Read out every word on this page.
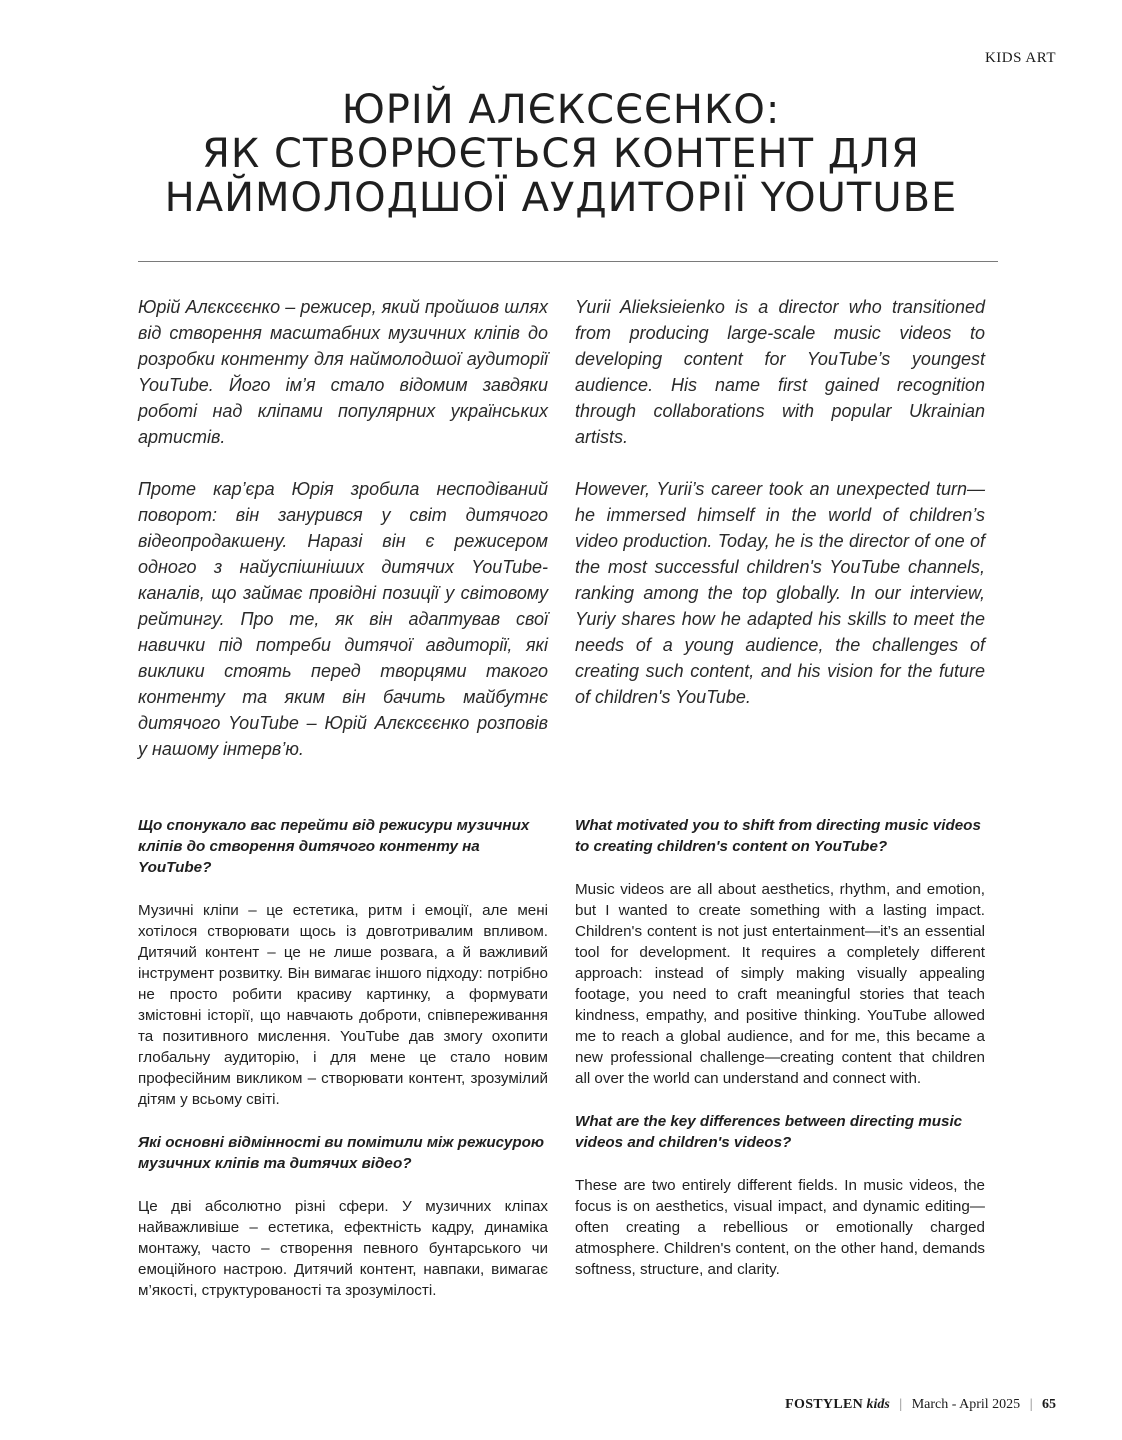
KIDS ART
ЮРІЙ АЛЄКСЄЄНКО:
ЯК СТВОРЮЄТЬСЯ КОНТЕНТ ДЛЯ
НАЙМОЛОДШОЇ АУДИТОРІЇ YOUTUBE

Юрій Алєксєєнко – режисер, який пройшов шлях від створення масштабних музичних кліпів до розробки контенту для наймолодшої аудиторії YouTube. Його ім’я стало відомим завдяки роботі над кліпами популярних українських артистів.

Проте кар’єра Юрія зробила несподіваний поворот: він занурився у світ дитячого відеопродакшену. Наразі він є режисером одного з найуспішніших дитячих YouTube-каналів, що займає провідні позиції у світовому рейтингу. Про те, як він адаптував свої навички під потреби дитячої авдиторії, які виклики стоять перед творцями такого контенту та яким він бачить майбутнє дитячого YouTube – Юрій Алєксєєнко розповів у нашому інтерв’ю.

Yurii Alieksieienko is a director who transitioned from producing large-scale music videos to developing content for YouTube’s youngest audience. His name first gained recognition through collaborations with popular Ukrainian artists.

However, Yurii’s career took an unexpected turn—he immersed himself in the world of children’s video production. Today, he is the director of one of the most successful children's YouTube channels, ranking among the top globally. In our interview, Yuriy shares how he adapted his skills to meet the needs of a young audience, the challenges of creating such content, and his vision for the future of children's YouTube.

Що спонукало вас перейти від режисури музичних кліпів до створення дитячого контенту на YouTube?

Музичні кліпи – це естетика, ритм і емоції, але мені хотілося створювати щось із довготривалим впливом. Дитячий контент – це не лише розвага, а й важливий інструмент розвитку. Він вимагає іншого підходу: потрібно не просто робити красиву картинку, а формувати змістовні історії, що навчають доброти, співпереживання та позитивного мислення. YouTube дав змогу охопити глобальну аудиторію, і для мене це стало новим професійним викликом – створювати контент, зрозумілий дітям у всьому світі.

Які основні відмінності ви помітили між режисурою музичних кліпів та дитячих відео?

Це дві абсолютно різні сфери. У музичних кліпах найважливіше – естетика, ефектність кадру, динаміка монтажу, часто – створення певного бунтарського чи емоційного настрою. Дитячий контент, навпаки, вимагає м’якості, структурованості та зрозумілості.

What motivated you to shift from directing music videos to creating children's content on YouTube?

Music videos are all about aesthetics, rhythm, and emotion, but I wanted to create something with a lasting impact. Children's content is not just entertainment—it’s an essential tool for development. It requires a completely different approach: instead of simply making visually appealing footage, you need to craft meaningful stories that teach kindness, empathy, and positive thinking. YouTube allowed me to reach a global audience, and for me, this became a new professional challenge—creating content that children all over the world can understand and connect with.

What are the key differences between directing music videos and children's videos?

These are two entirely different fields. In music videos, the focus is on aesthetics, visual impact, and dynamic editing—often creating a rebellious or emotionally charged atmosphere. Children's content, on the other hand, demands softness, structure, and clarity.

FOSTYLEN kids | March - April 2025 | 65
